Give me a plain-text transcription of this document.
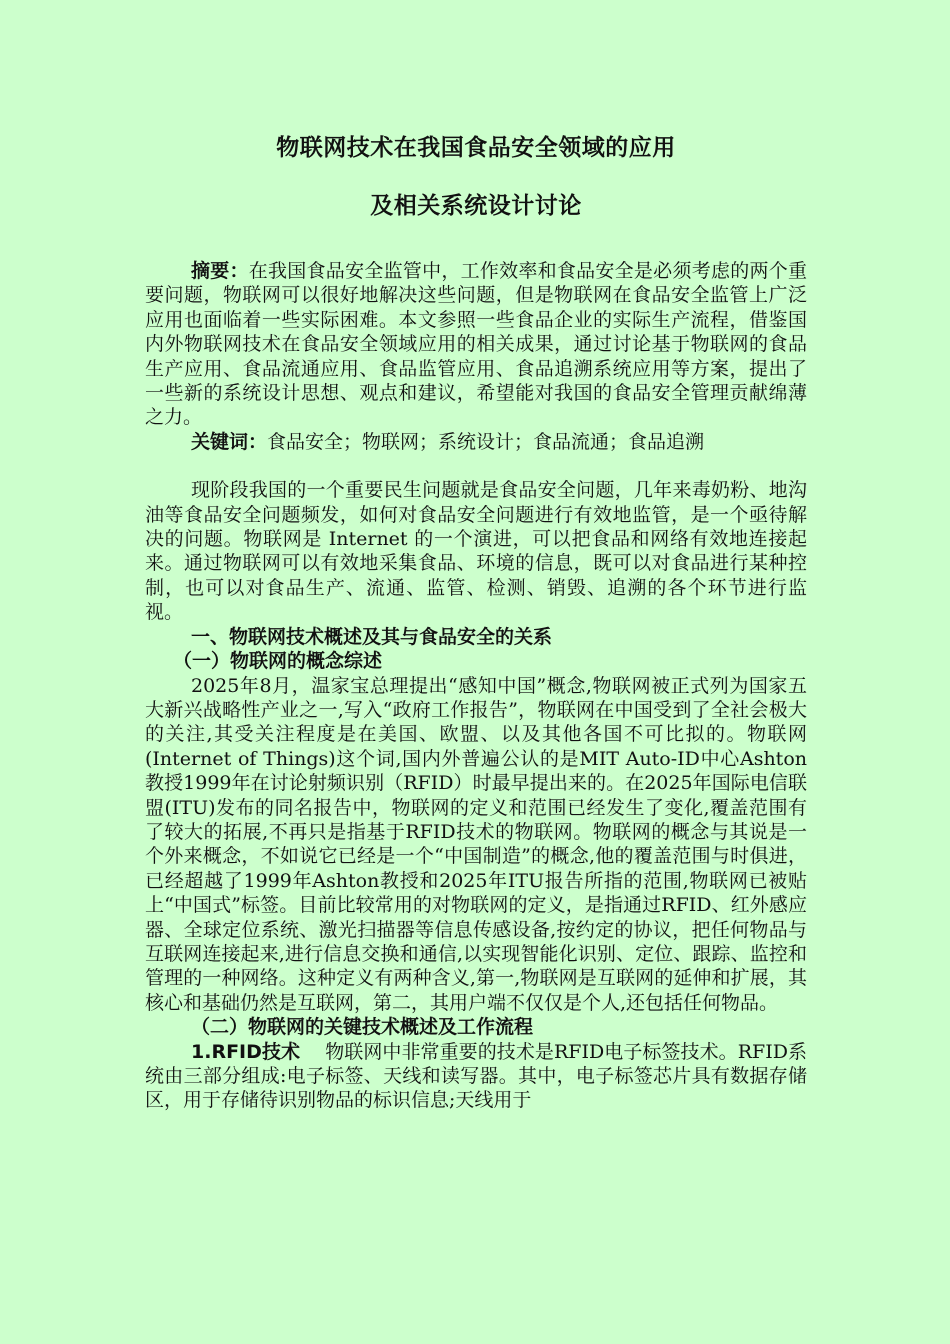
物联网技术在我国食品安全领域的应用
及相关系统设计讨论

摘要：在我国食品安全监管中，工作效率和食品安全是必须考虑的两个重要问题，物联网可以很好地解决这些问题，但是物联网在食品安全监管上广泛应用也面临着一些实际困难。本文参照一些食品企业的实际生产流程，借鉴国内外物联网技术在食品安全领域应用的相关成果，通过讨论基于物联网的食品生产应用、食品流通应用、食品监管应用、食品追溯系统应用等方案，提出了一些新的系统设计思想、观点和建议，希望能对我国的食品安全管理贡献绵薄之力。

关键词：食品安全；物联网；系统设计；食品流通；食品追溯

现阶段我国的一个重要民生问题就是食品安全问题，几年来毒奶粉、地沟油等食品安全问题频发，如何对食品安全问题进行有效地监管，是一个亟待解决的问题。物联网是 Internet 的一个演进，可以把食品和网络有效地连接起来。通过物联网可以有效地采集食品、环境的信息，既可以对食品进行某种控制，也可以对食品生产、流通、监管、检测、销毁、追溯的各个环节进行监视。

一、物联网技术概述及其与食品安全的关系

（一）物联网的概念综述

2025年8月，温家宝总理提出“感知中国”概念,物联网被正式列为国家五大新兴战略性产业之一,写入“政府工作报告”，物联网在中国受到了全社会极大的关注,其受关注程度是在美国、欧盟、以及其他各国不可比拟的。物联网(Internet of Things)这个词,国内外普遍公认的是MIT Auto-ID中心Ashton教授1999年在讨论射频识别（RFID）时最早提出来的。在2025年国际电信联盟(ITU)发布的同名报告中，物联网的定义和范围已经发生了变化,覆盖范围有了较大的拓展,不再只是指基于RFID技术的物联网。物联网的概念与其说是一个外来概念，不如说它已经是一个“中国制造”的概念,他的覆盖范围与时俱进，已经超越了1999年Ashton教授和2025年ITU报告所指的范围,物联网已被贴上“中国式”标签。目前比较常用的对物联网的定义，是指通过RFID、红外感应器、全球定位系统、激光扫描器等信息传感设备,按约定的协议，把任何物品与互联网连接起来,进行信息交换和通信,以实现智能化识别、定位、跟踪、监控和管理的一种网络。这种定义有两种含义,第一,物联网是互联网的延伸和扩展，其核心和基础仍然是互联网，第二，其用户端不仅仅是个人,还包括任何物品。

（二）物联网的关键技术概述及工作流程

1.RFID技术　 物联网中非常重要的技术是RFID电子标签技术。RFID系统由三部分组成:电子标签、天线和读写器。其中，电子标签芯片具有数据存储区，用于存储待识别物品的标识信息;天线用于
